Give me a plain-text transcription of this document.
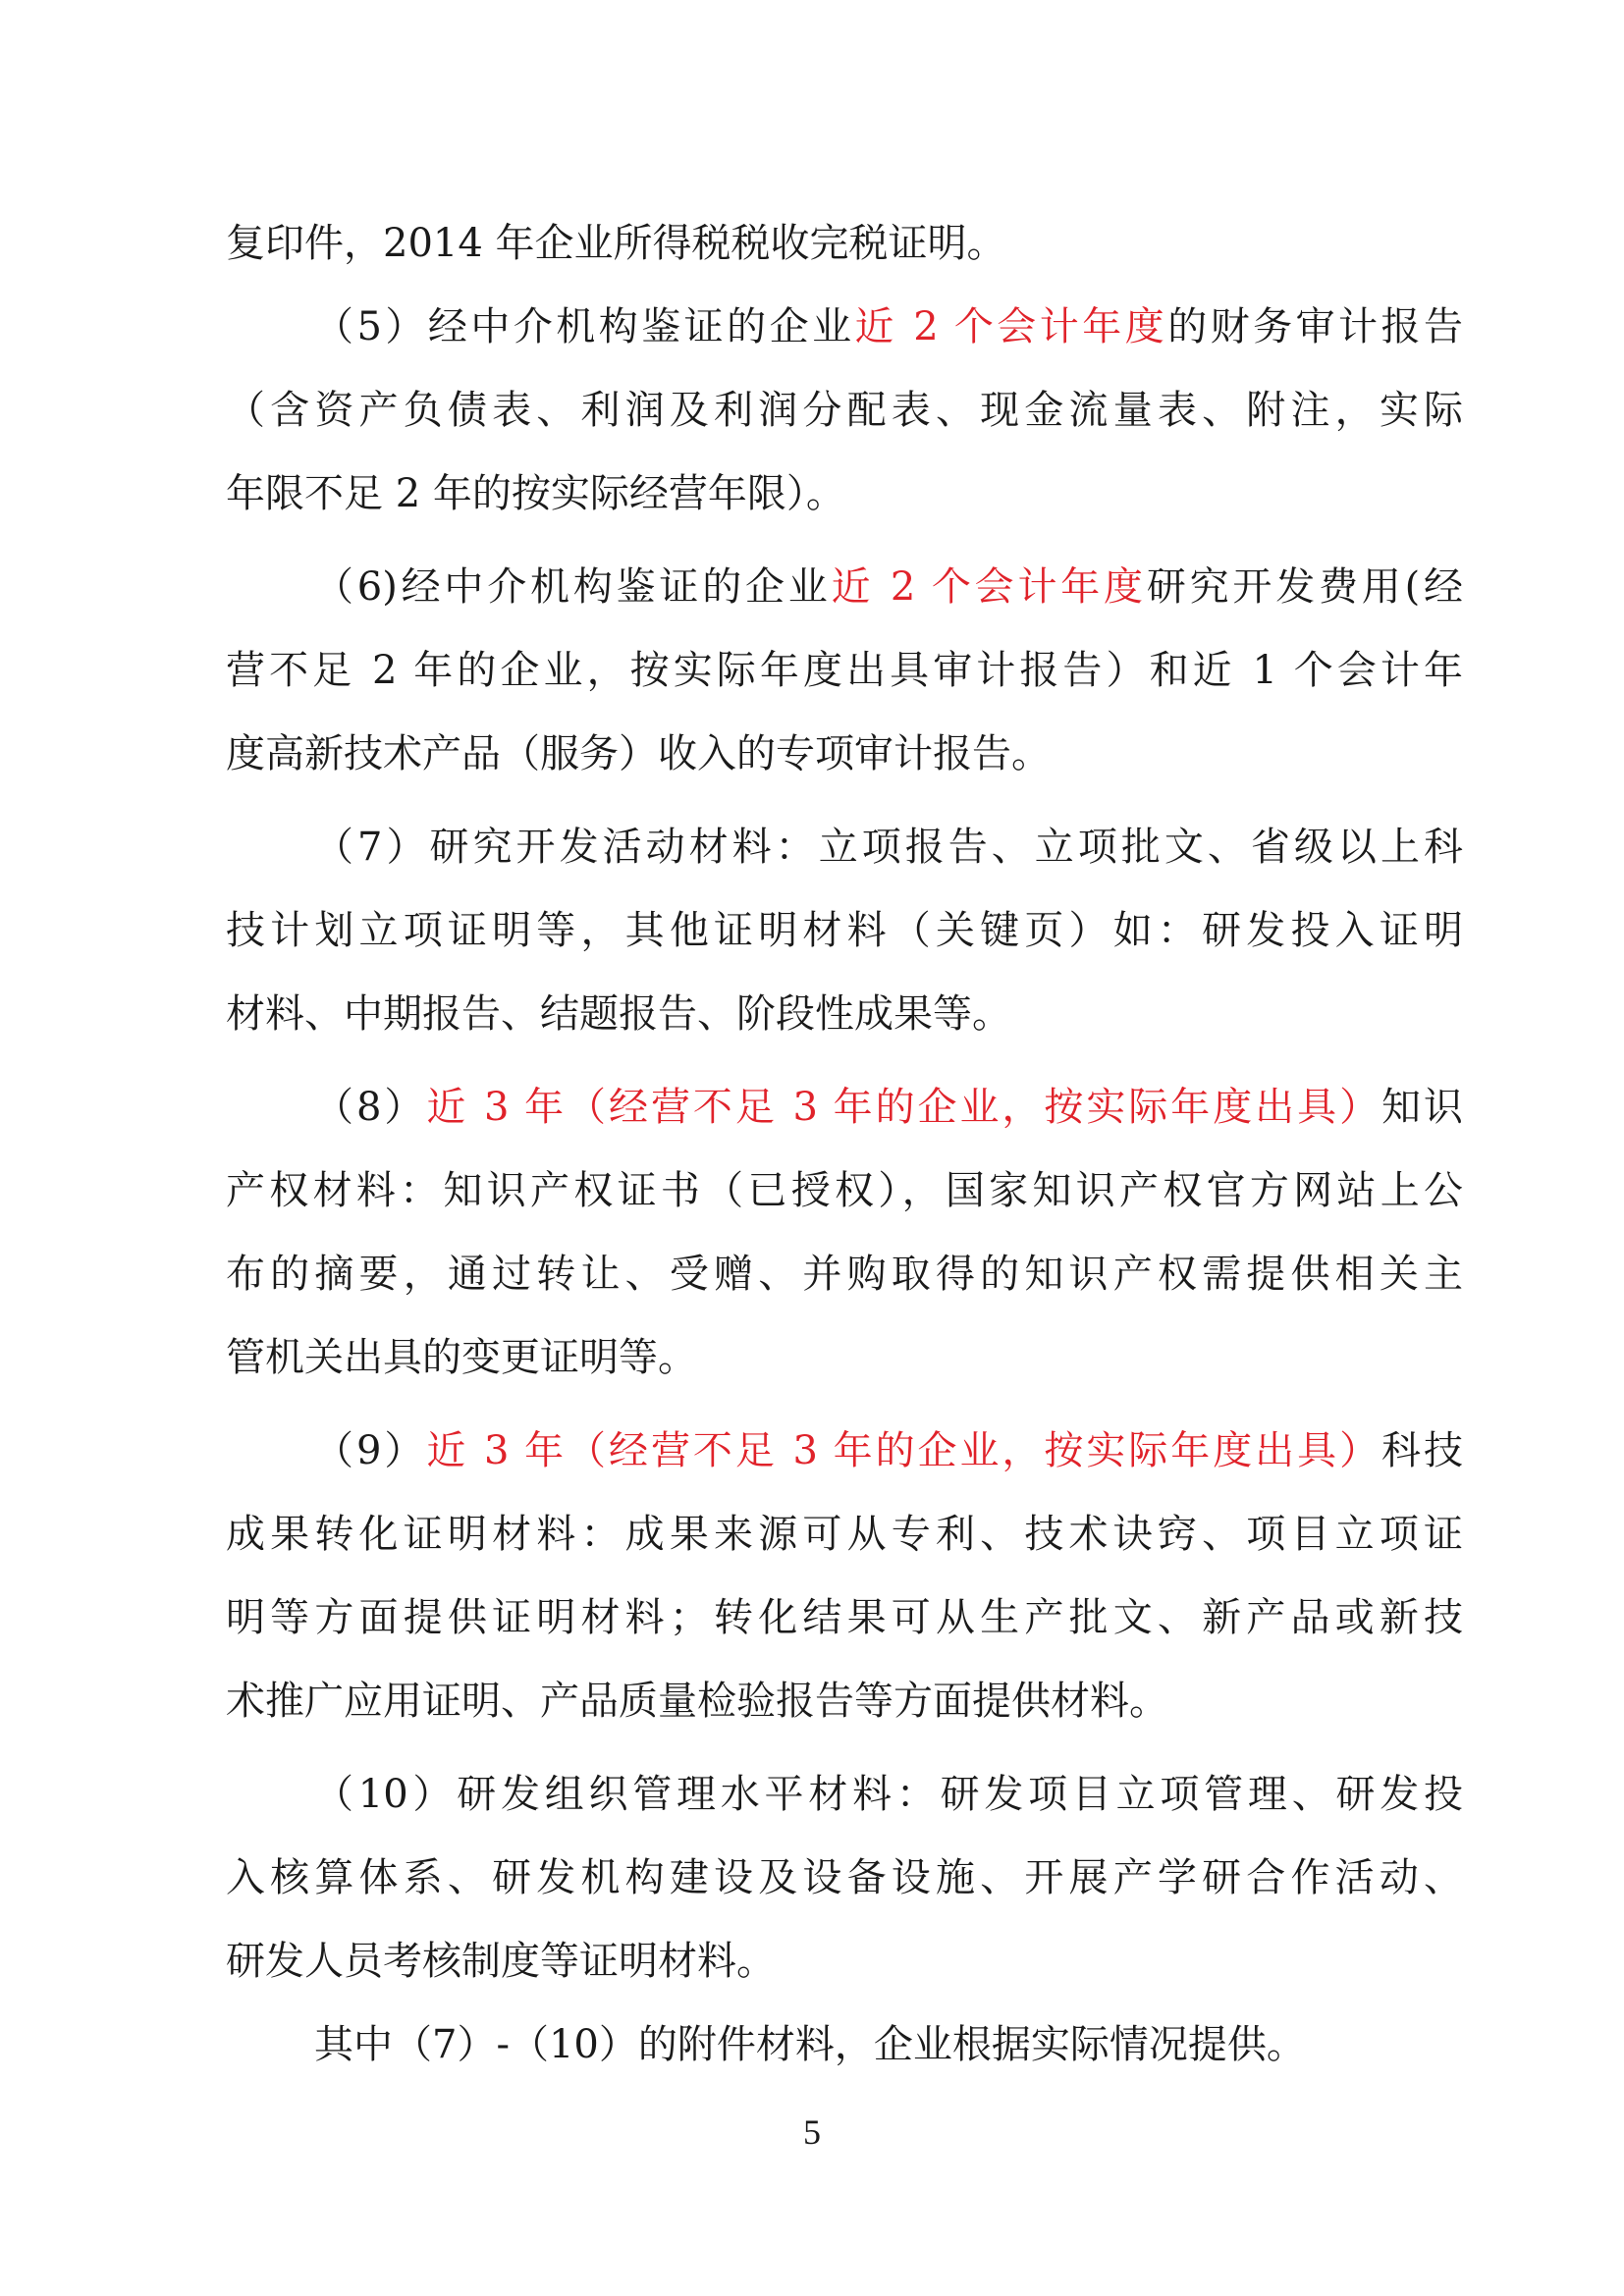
复印件，2014 年企业所得税税收完税证明。
（5）经中介机构鉴证的企业近 2 个会计年度的财务审计报告
（含资产负债表、利润及利润分配表、现金流量表、附注，实际
年限不足 2 年的按实际经营年限）。
（6)经中介机构鉴证的企业近 2 个会计年度研究开发费用(经
营不足 2 年的企业，按实际年度出具审计报告）和近 1 个会计年
度高新技术产品（服务）收入的专项审计报告。
（7）研究开发活动材料：立项报告、立项批文、省级以上科
技计划立项证明等，其他证明材料（关键页）如：研发投入证明
材料、中期报告、结题报告、阶段性成果等。
（8）近 3 年（经营不足 3 年的企业，按实际年度出具）知识
产权材料：知识产权证书（已授权），国家知识产权官方网站上公
布的摘要，通过转让、受赠、并购取得的知识产权需提供相关主
管机关出具的变更证明等。
（9）近 3 年（经营不足 3 年的企业，按实际年度出具）科技
成果转化证明材料：成果来源可从专利、技术诀窍、项目立项证
明等方面提供证明材料；转化结果可从生产批文、新产品或新技
术推广应用证明、产品质量检验报告等方面提供材料。
（10）研发组织管理水平材料：研发项目立项管理、研发投
入核算体系、研发机构建设及设备设施、开展产学研合作活动、
研发人员考核制度等证明材料。
其中（7）-（10）的附件材料，企业根据实际情况提供。
5
